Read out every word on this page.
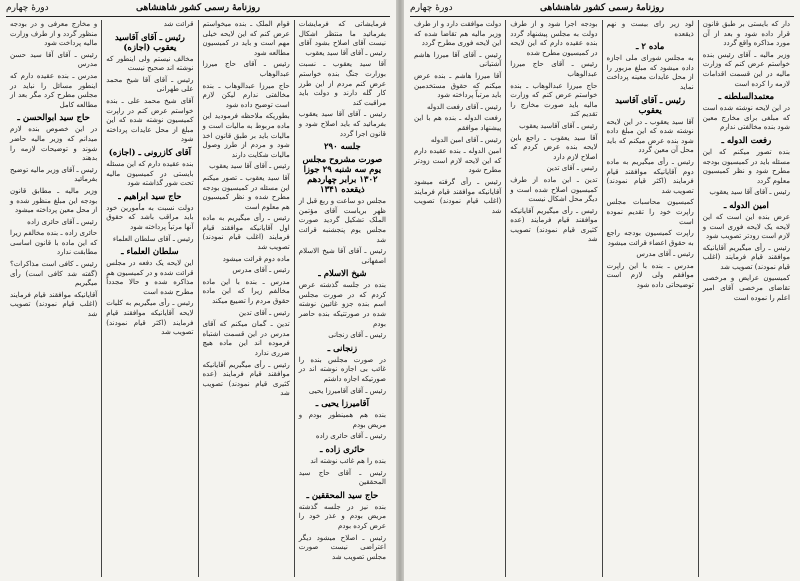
روزنامهٔ رسمی کشور شاهنشاهی
دورهٔ چهارم

فرمایشاتی که فرمایشات بفرمائید ما منتظر اشکال نیست آقای اصلاح بشود آقای رئیس ـ آقای آقا سید یعقوب

آقا سید یعقوب ـ نسبت بوزارت جنگ بنده خواستم عرض کنم مردم از این طرز کار گله دارند و دولت باید مراقبت کند

رئیس ـ آقای آقا سید یعقوب بفرمائید که باید اصلاح شود و قانون اجرا گردد

جلسه ۲۹۰
صورت مشروح مجلس یوم سه شنبه ۲۹ جوزا ۱۳۰۲ برابر چهاردهم ذیقعده ۱۳۴۱

مجلس دو ساعت و ربع قبل از ظهر بریاست آقای مؤتمن الملک تشکیل گردید صورت مجلس یوم پنجشنبه قرائت شد

رئیس ـ آقای آقا شیخ الاسلام اصفهانی

شیخ الاسلام ـ

بنده در جلسه گذشته عرض کردم که در صورت مجلس اسم بنده جزو غائبین نوشته شده در صورتتیکه بنده حاضر بودم

رئیس ـ آقای زنجانی

زنجانی ـ

در صورت مجلس بنده را غائب بی اجازه نوشته اند در صورتیکه اجازه داشتم

رئیس ـ آقای آقامیرزا یحیی

آقامیرزا یحیی ـ

بنده هم همینطور بودم و مریض بودم

رئیس ـ آقای حائری زاده

حائری زاده ـ

بنده را هم غائب نوشته اند

رئیس ـ آقای حاج سید المحققین

حاج سید المحققین ـ

بنده نیز در جلسه گذشته مریض بودم و عذر خود را عرض کرده بودم

رئیس ـ اصلاح میشود دیگر اعتراضی نیست صورت مجلس تصویب شد

قوام الملک ـ بنده میخواستم عرض کنم که این لایحه خیلی مهم است و باید در کمیسیون مطالعه شود

رئیس ـ آقای حاج میرزا عبدالوهاب

حاج میرزا عبدالوهاب ـ بنده مخالفتی ندارم لیکن لازم است توضیح داده شود

بطوریکه ملاحظه فرمودید این ماده مربوط به مالیات است و مالیات باید بر طبق قانون اخذ شود و مردم از طرز وصول مالیات شکایت دارند

رئیس ـ آقای آقا سید یعقوب

آقا سید یعقوب ـ تصور میکنم این مسئله در کمیسیون بودجه مطرح شده و نظر کمیسیون هم معلوم است

رئیس ـ رأی میگیریم به ماده اول آقایانیکه موافقند قیام فرمایند (اغلب قیام نمودند) تصویب شد

ماده دوم قرائت میشود

رئیس ـ آقای مدرس

مدرس ـ بنده با این ماده مخالفم زیرا که این ماده حقوق مردم را تضییع میکند

رئیس ـ آقای تدین

تدین ـ گمان میکنم که آقای مدرس در این قسمت اشتباه فرموده اند این ماده هیچ ضرری ندارد

رئیس ـ رأی میگیریم آقایانیکه موافقند قیام فرمایند (عده کثیری قیام نمودند) تصویب شد

قرائت شد

رئیس ـ آقای آقاسید یعقوب (اجازه)

مخالف نیستم ولی اینطور که نوشته اند صحیح نیست

رئیس ـ آقای آقا شیخ محمد علی طهرانی

آقای شیخ محمد علی ـ بنده خواستم عرض کنم در راپرت کمیسیون نوشته شده که این مبلغ از محل عایدات پرداخته شود

آقای کازرونی ـ (اجازه)

بنده عقیده دارم که این مسئله بایستی در کمیسیون مالیه تحت شور گذاشته شود

حاج سید ابراهیم ـ

دولت نسبت به مأمورین خود باید مراقب باشد که حقوق آنها مرتباً پرداخته شود

رئیس ـ آقای سلطان العلماء

سلطان العلماء ـ

این لایحه یک دفعه در مجلس قرائت شده و در کمیسیون هم مذاکره شده و حالا مجدداً مطرح شده است

رئیس ـ رأی میگیریم به کلیات لایحه آقایانیکه موافقند قیام فرمایند (اکثر قیام نمودند) تصویب شد

و مخارج معرفی و در بودجه منظور گردد و از طرف وزارت مالیه پرداخت شود

رئیس ـ آقای آقا سید حسن مدرس

مدرس ـ بنده عقیده دارم که اینطور مسائل را نباید در مجلس مطرح کرد مگر بعد از مطالعه کامل

حاج سید ابوالحسن ـ

در این خصوص بنده لازم میدانم که وزیر مالیه حاضر شوند و توضیحات لازمه را بدهند

رئیس ـ آقای وزیر مالیه توضیح بفرمائید

وزیر مالیه ـ مطابق قانون بودجه این مبلغ منظور شده و از محل معین پرداخته میشود

رئیس ـ آقای حائری زاده

حائری زاده ـ بنده مخالفم زیرا که این ماده با قانون اساسی مطابقت ندارد

رئیس ـ کافی است مذاکرات؟ (گفته شد کافی است) رأی میگیریم

آقایانیکه موافقند قیام فرمایند (اغلب قیام نمودند) تصویب شد

روزنامهٔ رسمی کشور شاهنشاهی
دورهٔ چهارم

دار که بایستی بر طبق قانون قرار داده شود و بعد از آن مورد مذاکره واقع گردد

وزیر مالیه ـ آقای رئیس بنده خواستم عرض کنم که وزارت مالیه در این قسمت اقدامات لازمه را کرده است

معتمدالسلطنه ـ

در این لایحه نوشته شده است که مبلغی برای مخارج معین شود بنده مخالفتی ندارم

رفعت الدوله ـ

بنده تصور میکنم که این مسئله باید در کمیسیون بودجه مطرح شود و نظر کمیسیون معلوم گردد

رئیس ـ آقای آقا سید یعقوب

امین الدوله ـ

عرض بنده این است که این لایحه یک لایحه فوری است و لازم است زودتر تصویب شود

رئیس ـ رأی میگیریم آقایانیکه موافقند قیام فرمایند (اغلب قیام نمودند) تصویب شد

کمیسیون عرایض و مرخصی تقاضای مرخصی آقای امیر اعلم را نموده است

لود زیر رای بیست و نهم ذیقعده

ماده ۲ ـ

به مجلس شورای ملی اجازه داده میشود که مبلغ مزبور را از محل عایدات معینه پرداخت نماید

رئیس ـ آقای آقاسید یعقوب

آقا سید یعقوب ـ در این لایحه نوشته شده که این مبلغ داده شود بنده عرض میکنم که باید محل آن معین گردد

رئیس ـ رأی میگیریم به ماده دوم آقایانیکه موافقند قیام فرمایند (اکثر قیام نمودند) تصویب شد

کمیسیون محاسبات مجلس راپرت خود را تقدیم نموده است

راپرت کمیسیون بودجه راجع به حقوق اعضاء قرائت میشود

رئیس ـ آقای مدرس

مدرس ـ بنده با این راپرت موافقم ولی لازم است توضیحاتی داده شود

بودجه اجرا شود و از طرف دولت به مجلس پیشنهاد گردد بنده عقیده دارم که این لایحه در کمیسیون مطرح شده

رئیس ـ آقای حاج میرزا عبدالوهاب

حاج میرزا عبدالوهاب ـ بنده خواستم عرض کنم که وزارت مالیه باید صورت مخارج را تقدیم کند

رئیس ـ آقای آقاسید یعقوب

آقا سید یعقوب ـ راجع باین لایحه بنده عرض کردم که اصلاح لازم دارد

رئیس ـ آقای تدین

تدین ـ این ماده از طرف کمیسیون اصلاح شده است و دیگر محل اشکال نیست

رئیس ـ رأی میگیریم آقایانیکه موافقند قیام فرمایند (عده کثیری قیام نمودند) تصویب شد

دولت موافقت دارد و از طرف وزیر مالیه هم تقاضا شده که این لایحه فوری مطرح گردد

رئیس ـ آقای آقا میرزا هاشم آشتیانی

آقا میرزا هاشم ـ بنده عرض میکنم که حقوق مستخدمین باید مرتباً پرداخته شود

رئیس ـ آقای رفعت الدوله

رفعت الدوله ـ بنده هم با این پیشنهاد موافقم

رئیس ـ آقای امین الدوله

امین الدوله ـ بنده عقیده دارم که این لایحه لازم است زودتر مطرح شود

رئیس ـ رأی گرفته میشود آقایانیکه موافقند قیام فرمایند (اغلب قیام نمودند) تصویب شد
